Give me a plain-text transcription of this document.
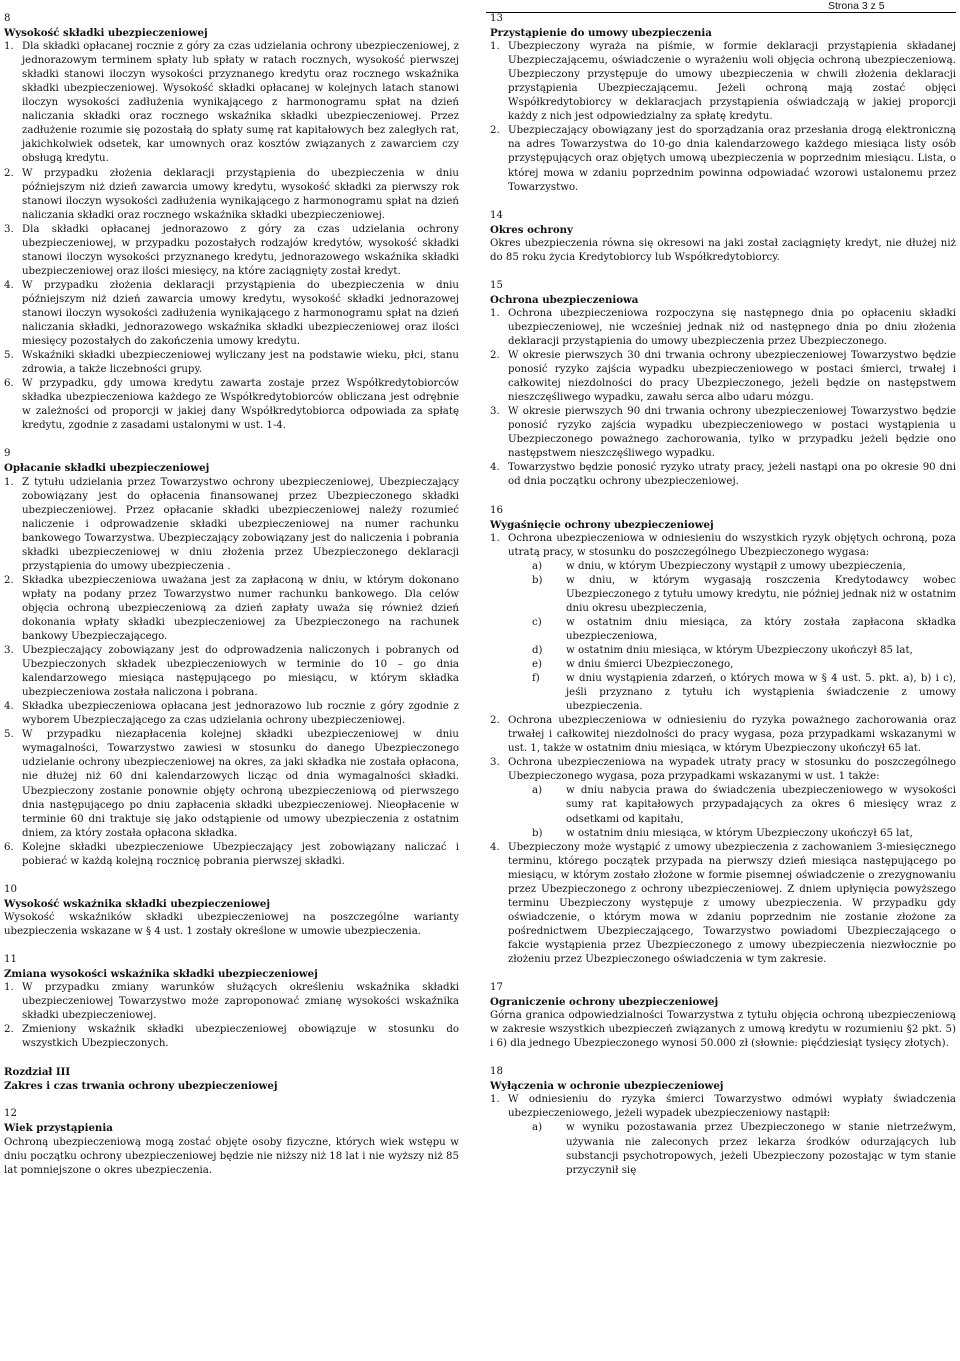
Strona 3 z 5
8
Wysokość składki ubezpieczeniowej
1. Dla składki opłacanej rocznie z góry za czas udzielania ochrony ubezpieczeniowej, z jednorazowym terminem spłaty lub spłaty w ratach rocznych, wysokość pierwszej składki stanowi iloczyn wysokości przyznanego kredytu oraz rocznego wskaźnika składki ubezpieczeniowej. Wysokość składki opłacanej w kolejnych latach stanowi iloczyn wysokości zadłużenia wynikającego z harmonogramu spłat na dzień naliczania składki oraz rocznego wskaźnika składki ubezpieczeniowej. Przez zadłużenie rozumie się pozostałą do spłaty sumę rat kapitałowych bez zaległych rat, jakichkolwiek odsetek, kar umownych oraz kosztów związanych z zawarciem czy obsługą kredytu.
2. W przypadku złożenia deklaracji przystąpienia do ubezpieczenia w dniu późniejszym niż dzień zawarcia umowy kredytu, wysokość składki za pierwszy rok stanowi iloczyn wysokości zadłużenia wynikającego z harmonogramu spłat na dzień naliczania składki oraz rocznego wskaźnika składki ubezpieczeniowej.
3. Dla składki opłacanej jednorazowo z góry za czas udzielania ochrony ubezpieczeniowej, w przypadku pozostałych rodzajów kredytów, wysokość składki stanowi iloczyn wysokości przyznanego kredytu, jednorazowego wskaźnika składki ubezpieczeniowej oraz ilości miesięcy, na które zaciągnięty został kredyt.
4. W przypadku złożenia deklaracji przystąpienia do ubezpieczenia w dniu późniejszym niż dzień zawarcia umowy kredytu, wysokość składki jednorazowej stanowi iloczyn wysokości zadłużenia wynikającego z harmonogramu spłat na dzień naliczania składki, jednorazowego wskaźnika składki ubezpieczeniowej oraz ilości miesięcy pozostałych do zakończenia umowy kredytu.
5. Wskaźniki składki ubezpieczeniowej wyliczany jest na podstawie wieku, płci, stanu zdrowia, a także liczebności grupy.
6. W przypadku, gdy umowa kredytu zawarta zostaje przez Współkredytobiorców składka ubezpieczeniowa każdego ze Współkredytobiorców obliczana jest odrębnie w zależności od proporcji w jakiej dany Współkredytobiorca odpowiada za spłatę kredytu, zgodnie z zasadami ustalonymi w ust. 1-4.
9
Opłacanie składki ubezpieczeniowej
1. Z tytułu udzielania przez Towarzystwo ochrony ubezpieczeniowej, Ubezpieczający zobowiązany jest do opłacenia finansowanej przez Ubezpieczonego składki ubezpieczeniowej. Przez opłacanie składki ubezpieczeniowej należy rozumieć naliczenie i odprowadzenie składki ubezpieczeniowej na numer rachunku bankowego Towarzystwa. Ubezpieczający zobowiązany jest do naliczenia i pobrania składki ubezpieczeniowej w dniu złożenia przez Ubezpieczonego deklaracji przystąpienia do umowy ubezpieczenia .
2. Składka ubezpieczeniowa uważana jest za zapłaconą w dniu, w którym dokonano wpłaty na podany przez Towarzystwo numer rachunku bankowego. Dla celów objęcia ochroną ubezpieczeniową za dzień zapłaty uważa się również dzień dokonania wpłaty składki ubezpieczeniowej za Ubezpieczonego na rachunek bankowy Ubezpieczającego.
3. Ubezpieczający zobowiązany jest do odprowadzenia naliczonych i pobranych od Ubezpieczonych składek ubezpieczeniowych w terminie do 10 – go dnia kalendarzowego miesiąca następującego po miesiącu, w którym składka ubezpieczeniowa została naliczona i pobrana.
4. Składka ubezpieczeniowa opłacana jest jednorazowo lub rocznie z góry zgodnie z wyborem Ubezpieczającego za czas udzielania ochrony ubezpieczeniowej.
5. W przypadku niezapłacenia kolejnej składki ubezpieczeniowej w dniu wymagalności, Towarzystwo zawiesi w stosunku do danego Ubezpieczonego udzielanie ochrony ubezpieczeniowej na okres, za jaki składka nie została opłacona, nie dłużej niż 60 dni kalendarzowych licząc od dnia wymagalności składki. Ubezpieczony zostanie ponownie objęty ochroną ubezpieczeniową od pierwszego dnia następującego po dniu zapłacenia składki ubezpieczeniowej. Nieopłacenie w terminie 60 dni traktuje się jako odstąpienie od umowy ubezpieczenia z ostatnim dniem, za który została opłacona składka.
6. Kolejne składki ubezpieczeniowe Ubezpieczający jest zobowiązany naliczać i pobierać w każdą kolejną rocznicę pobrania pierwszej składki.
10
Wysokość wskaźnika składki ubezpieczeniowej
Wysokość wskaźników składki ubezpieczeniowej na poszczególne warianty ubezpieczenia wskazane w § 4 ust. 1 zostały określone w umowie ubezpieczenia.
11
Zmiana wysokości wskaźnika składki ubezpieczeniowej
1. W przypadku zmiany warunków służących określeniu wskaźnika składki ubezpieczeniowej Towarzystwo może zaproponować zmianę wysokości wskaźnika składki ubezpieczeniowej.
2. Zmieniony wskaźnik składki ubezpieczeniowej obowiązuje w stosunku do wszystkich Ubezpieczonych.
Rozdział III
Zakres i czas trwania ochrony ubezpieczeniowej
12
Wiek przystąpienia
Ochroną ubezpieczeniową mogą zostać objęte osoby fizyczne, których wiek wstępu w dniu początku ochrony ubezpieczeniowej będzie nie niższy niż 18 lat i nie wyższy niż 85 lat pomniejszone o okres ubezpieczenia.
13
Przystąpienie do umowy ubezpieczenia
1. Ubezpieczony wyraża na piśmie, w formie deklaracji przystąpienia składanej Ubezpieczającemu, oświadczenie o wyrażeniu woli objęcia ochroną ubezpieczeniową. Ubezpieczony przystępuje do umowy ubezpieczenia w chwili złożenia deklaracji przystąpienia Ubezpieczającemu. Jeżeli ochroną mają zostać objęci Współkredytobiorcy w deklaracjach przystąpienia oświadczają w jakiej proporcji każdy z nich jest odpowiedzialny za spłatę kredytu.
2. Ubezpieczający obowiązany jest do sporządzania oraz przesłania drogą elektroniczną na adres Towarzystwa do 10-go dnia kalendarzowego każdego miesiąca listy osób przystępujących oraz objętych umową ubezpieczenia w poprzednim miesiącu. Lista, o której mowa w zdaniu poprzednim powinna odpowiadać wzorowi ustalonemu przez Towarzystwo.
14
Okres ochrony
Okres ubezpieczenia równa się okresowi na jaki został zaciągnięty kredyt, nie dłużej niż do 85 roku życia Kredytobiorcy lub Współkredytobiorcy.
15
Ochrona ubezpieczeniowa
1. Ochrona ubezpieczeniowa rozpoczyna się następnego dnia po opłaceniu składki ubezpieczeniowej, nie wcześniej jednak niż od następnego dnia po dniu złożenia deklaracji przystąpienia do umowy ubezpieczenia przez Ubezpieczonego.
2. W okresie pierwszych 30 dni trwania ochrony ubezpieczeniowej Towarzystwo będzie ponosić ryzyko zajścia wypadku ubezpieczeniowego w postaci śmierci, trwałej i całkowitej niezdolności do pracy Ubezpieczonego, jeżeli będzie on następstwem nieszczęśliwego wypadku, zawału serca albo udaru mózgu.
3. W okresie pierwszych 90 dni trwania ochrony ubezpieczeniowej Towarzystwo będzie ponosić ryzyko zajścia wypadku ubezpieczeniowego w postaci wystąpienia u Ubezpieczonego poważnego zachorowania, tylko w przypadku jeżeli będzie ono następstwem nieszczęśliwego wypadku.
4. Towarzystwo będzie ponosić ryzyko utraty pracy, jeżeli nastąpi ona po okresie 90 dni od dnia początku ochrony ubezpieczeniowej.
16
Wygaśnięcie ochrony ubezpieczeniowej
1. Ochrona ubezpieczeniowa w odniesieniu do wszystkich ryzyk objętych ochroną, poza utratą pracy, w stosunku do poszczególnego Ubezpieczonego wygasa:
a) w dniu, w którym Ubezpieczony wystąpił z umowy ubezpieczenia,
b) w dniu, w którym wygasają roszczenia Kredytodawcy wobec Ubezpieczonego z tytułu umowy kredytu, nie później jednak niż w ostatnim dniu okresu ubezpieczenia,
c) w ostatnim dniu miesiąca, za który została zapłacona składka ubezpieczeniowa,
d) w ostatnim dniu miesiąca, w którym Ubezpieczony ukończył 85 lat,
e) w dniu śmierci Ubezpieczonego,
f)	w dniu wystąpienia zdarzeń, o których mowa w § 4 ust. 5. pkt. a), b) i c), jeśli przyznano z tytułu ich wystąpienia świadczenie z umowy ubezpieczenia.
2. Ochrona ubezpieczeniowa w odniesieniu do ryzyka poważnego zachorowania oraz trwałej i całkowitej niezdolności do pracy wygasa, poza przypadkami wskazanymi w ust. 1, także w ostatnim dniu miesiąca, w którym Ubezpieczony ukończył 65 lat.
3. Ochrona ubezpieczeniowa na wypadek utraty pracy w stosunku do poszczególnego Ubezpieczonego wygasa, poza przypadkami wskazanymi w ust. 1 także:
a) w dniu nabycia prawa do świadczenia ubezpieczeniowego w wysokości sumy rat kapitałowych przypadających za okres 6 miesięcy wraz z odsetkami od kapitału,
b) w ostatnim dniu miesiąca, w którym Ubezpieczony ukończył 65 lat,
4. Ubezpieczony może wystąpić z umowy ubezpieczenia z zachowaniem 3-miesięcznego terminu, którego początek przypada na pierwszy dzień miesiąca następującego po miesiącu, w którym zostało złożone w formie pisemnej oświadczenie o zrezygnowaniu przez Ubezpieczonego z ochrony ubezpieczeniowej. Z dniem upłynięcia powyższego terminu Ubezpieczony występuje z umowy ubezpieczenia. W przypadku gdy oświadczenie, o którym mowa w zdaniu poprzednim nie zostanie złożone za pośrednictwem Ubezpieczającego, Towarzystwo powiadomi Ubezpieczającego o fakcie wystąpienia przez Ubezpieczonego z umowy ubezpieczenia niezwłocznie po złożeniu przez Ubezpieczonego oświadczenia w tym zakresie.
17
Ograniczenie ochrony ubezpieczeniowej
Górna granica odpowiedzialności Towarzystwa z tytułu objęcia ochroną ubezpieczeniową w zakresie wszystkich ubezpieczeń związanych z umową kredytu w rozumieniu §2 pkt. 5) i 6) dla jednego Ubezpieczonego wynosi 50.000 zł (słownie: pięćdziesiąt tysięcy złotych).
18
Wyłączenia w ochronie ubezpieczeniowej
1. W odniesieniu do ryzyka śmierci Towarzystwo odmówi wypłaty świadczenia ubezpieczeniowego, jeżeli wypadek ubezpieczeniowy nastąpił:
a) w wyniku pozostawania przez Ubezpieczonego w stanie nietrzeźwym, używania nie zaleconych przez lekarza środków odurzających lub substancji psychotropowych, jeżeli Ubezpieczony pozostając w tym stanie przyczynił się
